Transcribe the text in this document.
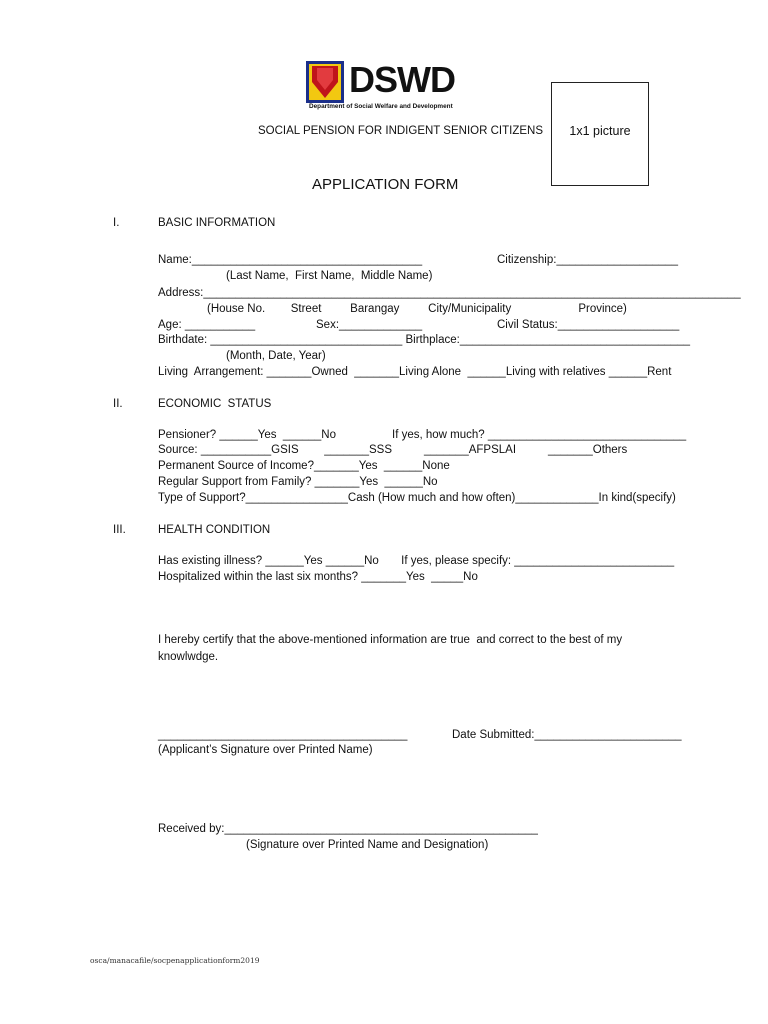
DSWD
Department of Social Welfare and Development
SOCIAL PENSION FOR INDIGENT SENIOR CITIZENS	1x1 picture
APPLICATION FORM
I.	BASIC INFORMATION
Name:____________________________________	Citizenship:___________________
(Last Name,  First Name,  Middle Name)
Address:____________________________________________________________________________________
(House No.        Street         Barangay         City/Municipality                     Province)
Age: ___________	Sex:_____________	Civil Status:___________________
Birthdate: ______________________________ Birthplace:____________________________________
(Month, Date, Year)
Living  Arrangement: _______Owned  _______Living Alone  ______Living with relatives ______Rent
II.	ECONOMIC  STATUS
Pensioner? ______Yes  ______No	If yes, how much? _______________________________
Source: ___________GSIS        _______SSS          _______AFPSLAI          _______Others
Permanent Source of Income?_______Yes  ______None
Regular Support from Family? _______Yes  ______No
Type of Support?________________Cash (How much and how often)_____________In kind(specify)
III.	HEALTH CONDITION
Has existing illness? ______Yes ______No       If yes, please specify: _________________________
Hospitalized within the last six months? _______Yes  _____No
I hereby certify that the above-mentioned information are true  and correct to the best of my
knowlwdge.
_______________________________________	Date Submitted:_______________________
(Applicant’s Signature over Printed Name)
Received by:_________________________________________________
(Signature over Printed Name and Designation)
osca/manacafile/socpenapplicationform2019
